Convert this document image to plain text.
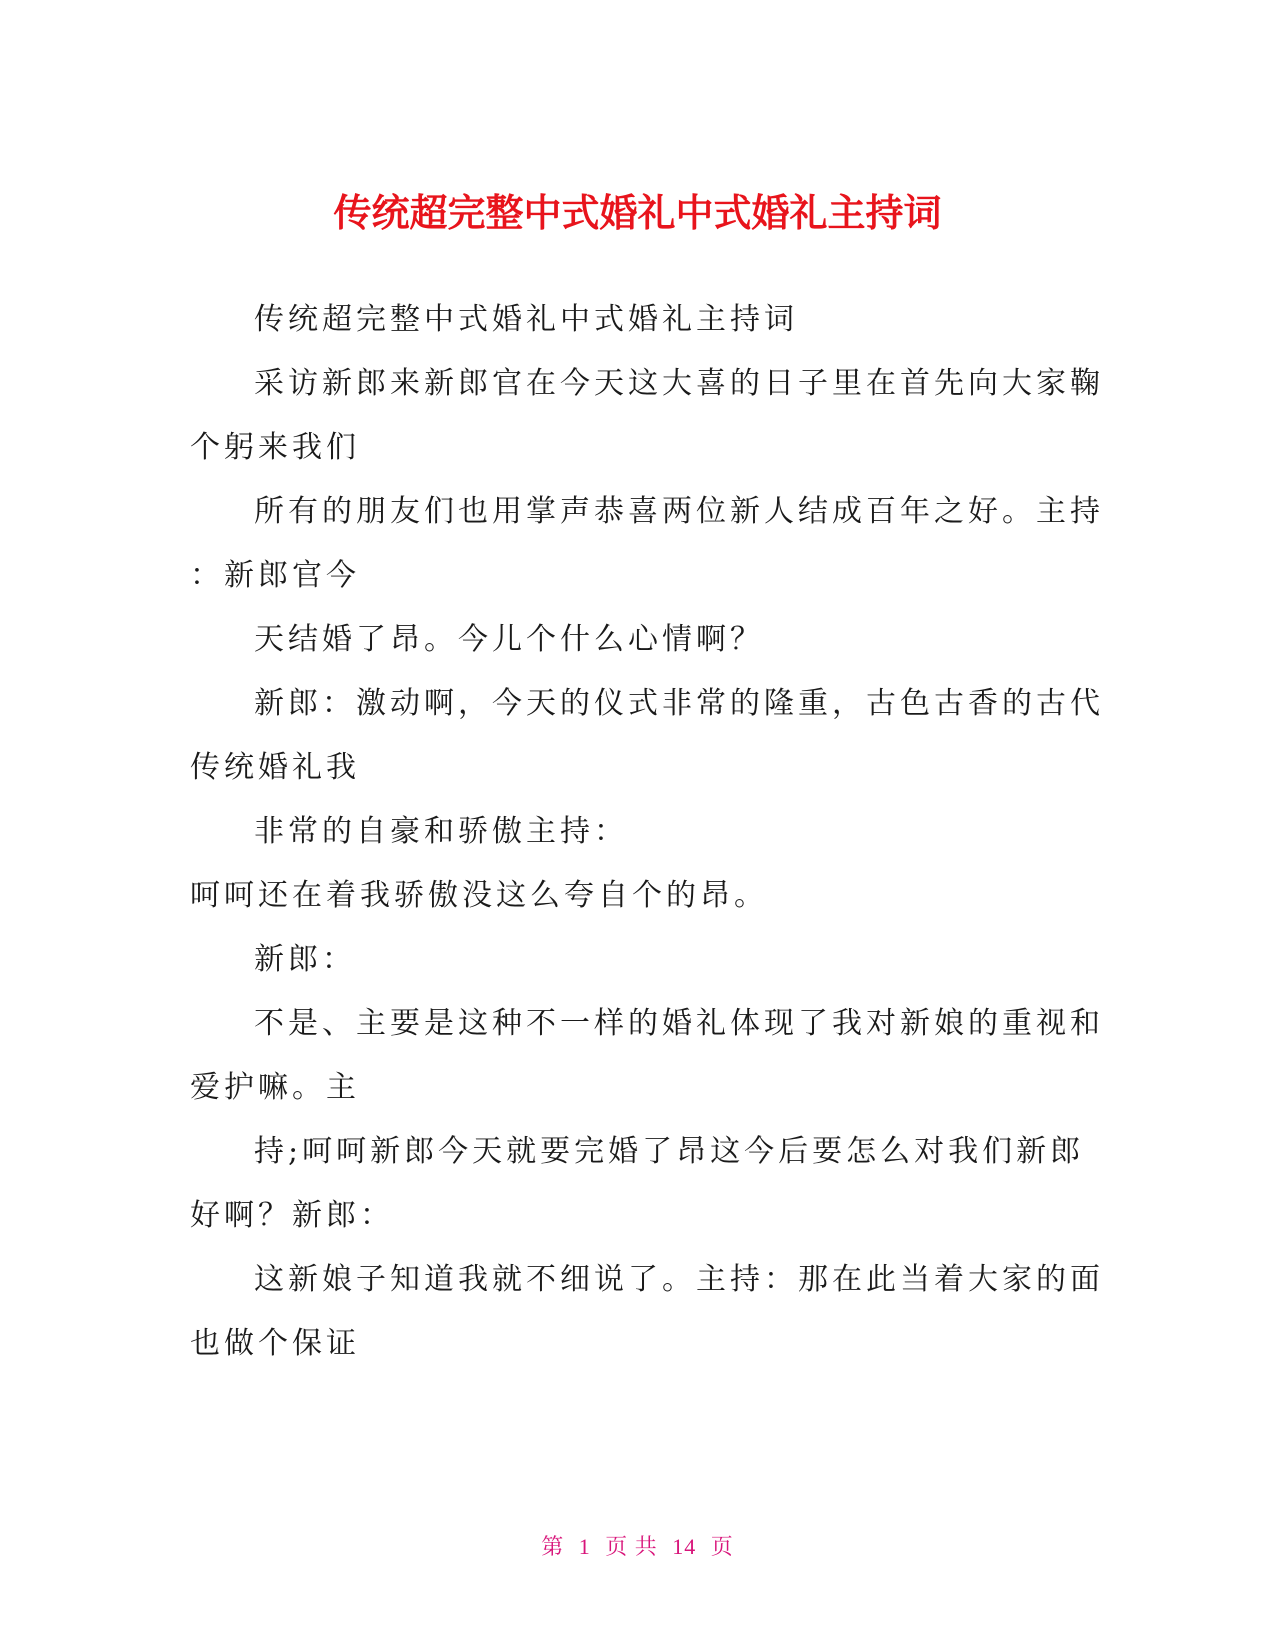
传统超完整中式婚礼中式婚礼主持词

传统超完整中式婚礼中式婚礼主持词

采访新郎来新郎官在今天这大喜的日子里在首先向大家鞠

个躬来我们

所有的朋友们也用掌声恭喜两位新人结成百年之好。主持

：新郎官今

天结婚了昂。今儿个什么心情啊？

新郎：激动啊，今天的仪式非常的隆重，古色古香的古代

传统婚礼我

非常的自豪和骄傲主持：

呵呵还在着我骄傲没这么夸自个的昂。

新郎：

不是、主要是这种不一样的婚礼体现了我对新娘的重视和

爱护嘛。主

持;呵呵新郎今天就要完婚了昂这今后要怎么对我们新郎

好啊？新郎：

这新娘子知道我就不细说了。主持：那在此当着大家的面

也做个保证

第 1 页 共 14 页
